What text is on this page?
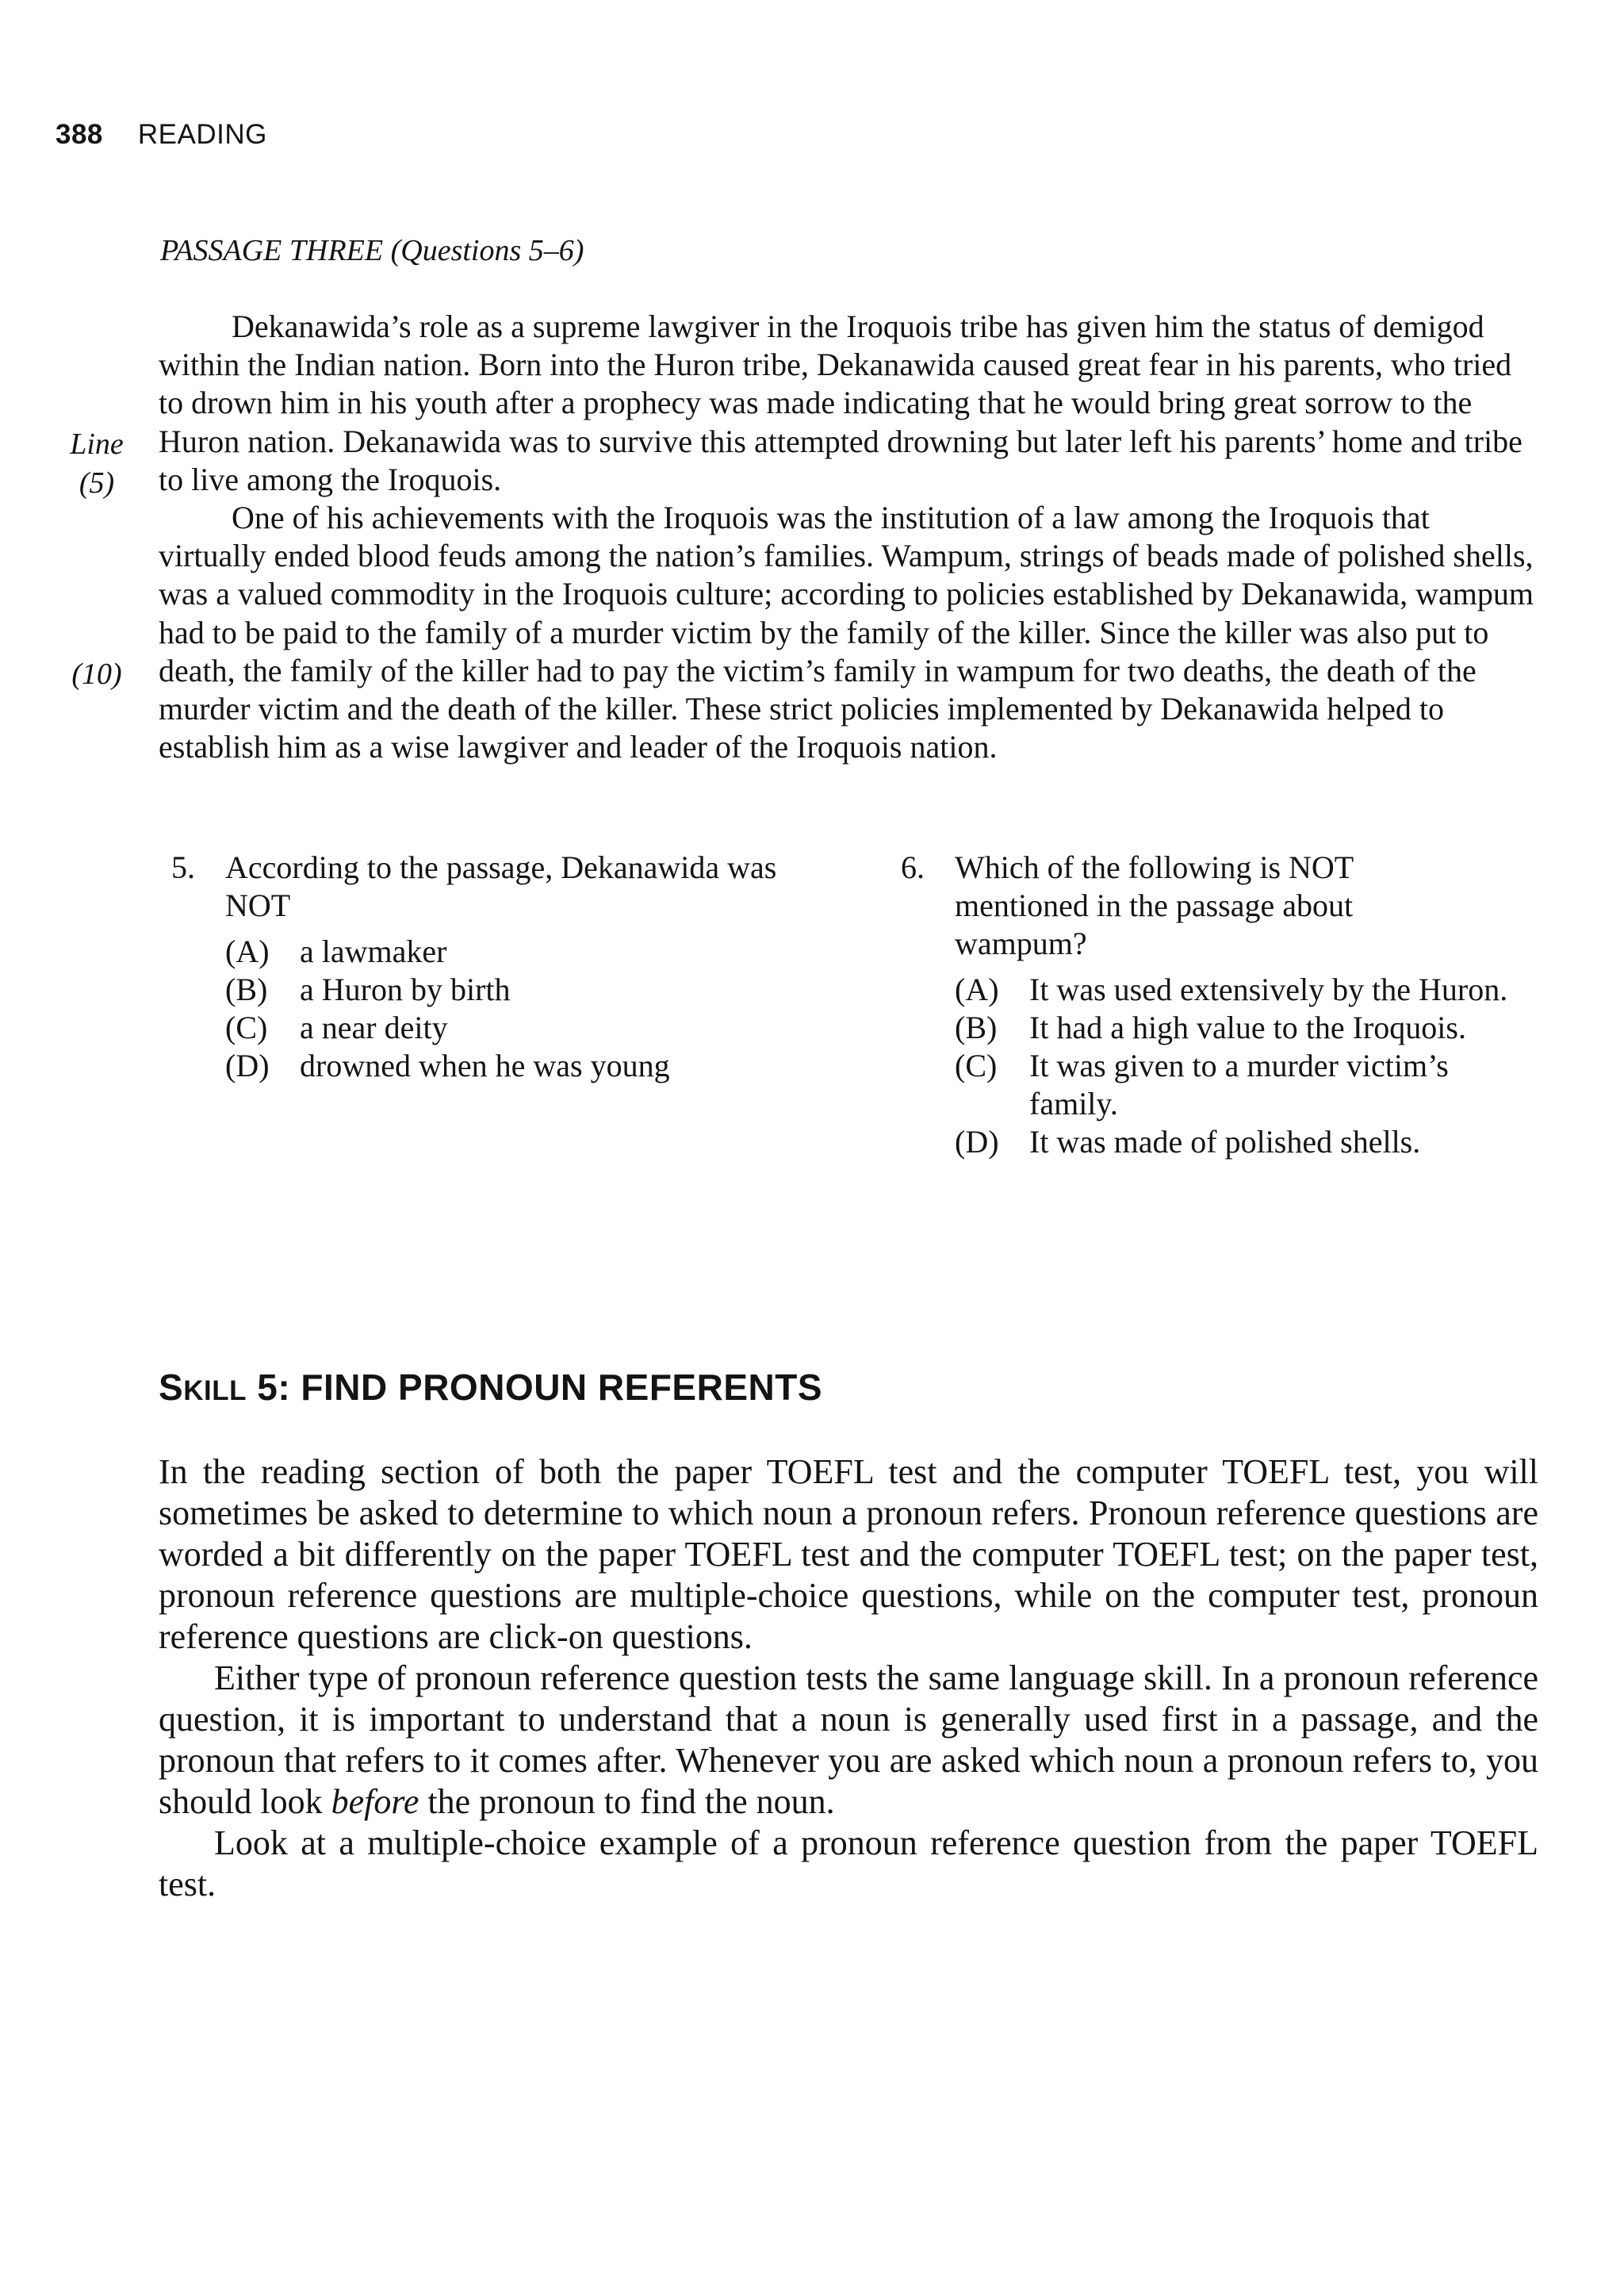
388 READING
PASSAGE THREE (Questions 5–6)
Line
(5)
(10)

Dekanawida’s role as a supreme lawgiver in the Iroquois tribe has given him the status of demigod within the Indian nation. Born into the Huron tribe, Dekanawida caused great fear in his parents, who tried to drown him in his youth after a prophecy was made indicating that he would bring great sorrow to the Huron nation. Dekanawida was to survive this attempted drowning but later left his parents’ home and tribe to live among the Iroquois.

One of his achievements with the Iroquois was the institution of a law among the Iroquois that virtually ended blood feuds among the nation’s families. Wampum, strings of beads made of polished shells, was a valued commodity in the Iroquois culture; according to policies established by Dekanawida, wampum had to be paid to the family of a murder victim by the family of the killer. Since the killer was also put to death, the family of the killer had to pay the victim’s family in wampum for two deaths, the death of the murder victim and the death of the killer. These strict policies implemented by Dekanawida helped to establish him as a wise lawgiver and leader of the Iroquois nation.

5. According to the passage, Dekanawida was NOT
(A) a lawmaker
(B)	a Huron by birth
(C)	a near deity
(D) drowned when he was young
6. Which of the following is NOT mentioned in the passage about wampum?
(A) It was used extensively by the Huron.
(B)	It had a high value to the Iroquois.
(C)	It was given to a murder victim’s family.
(D) It was made of polished shells.
SKILL 5: FIND PRONOUN REFERENTS

In the reading section of both the paper TOEFL test and the computer TOEFL test, you will sometimes be asked to determine to which noun a pronoun refers. Pronoun reference questions are worded a bit differently on the paper TOEFL test and the computer TOEFL test; on the paper test, pronoun reference questions are multiple-choice questions, while on the computer test, pronoun reference questions are click-on questions.

Either type of pronoun reference question tests the same language skill. In a pronoun reference question, it is important to understand that a noun is generally used first in a passage, and the pronoun that refers to it comes after. Whenever you are asked which noun a pronoun refers to, you should look before the pronoun to find the noun.

Look at a multiple-choice example of a pronoun reference question from the paper TOEFL test.
